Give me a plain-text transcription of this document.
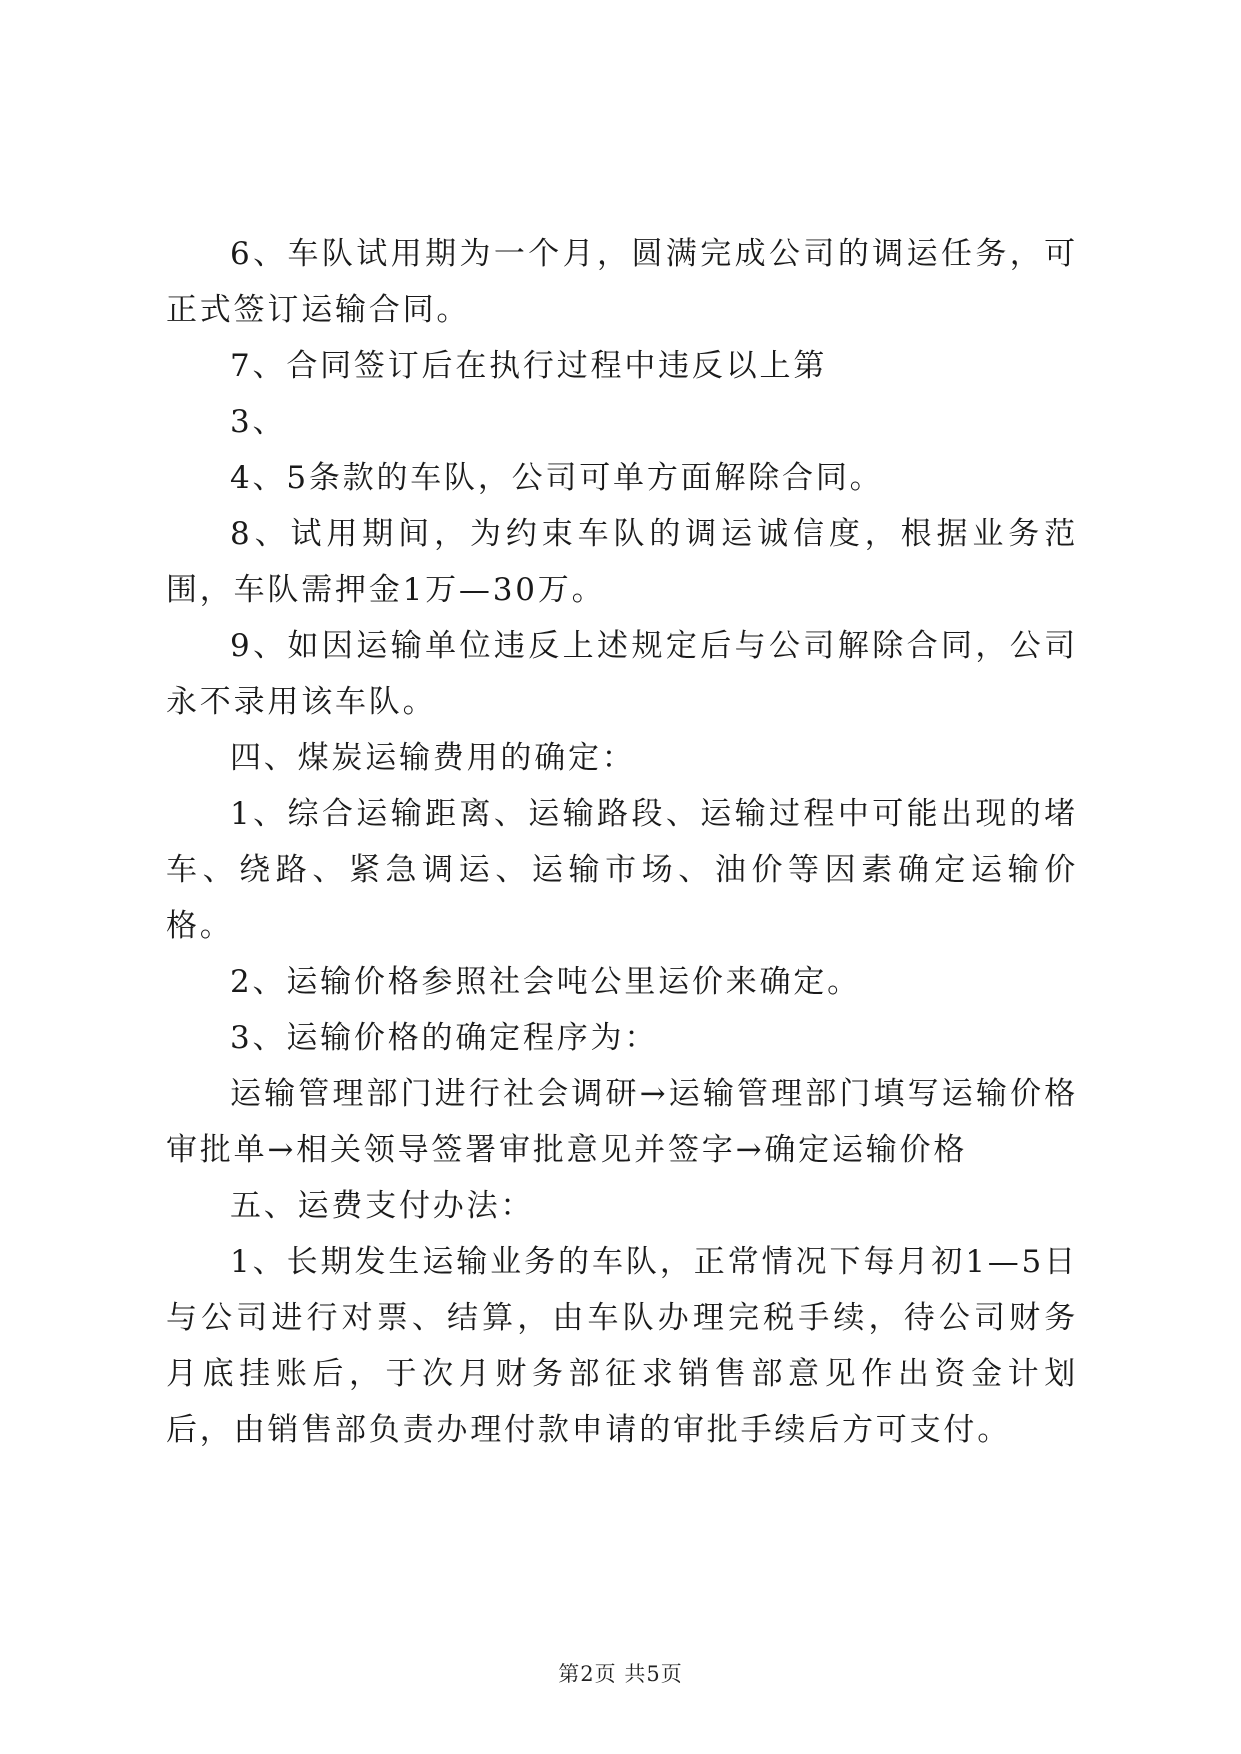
6、车队试用期为一个月，圆满完成公司的调运任务，可正式签订运输合同。

7、合同签订后在执行过程中违反以上第

3、

4、5条款的车队，公司可单方面解除合同。

8、试用期间，为约束车队的调运诚信度，根据业务范围，车队需押金1万—30万。

9、如因运输单位违反上述规定后与公司解除合同，公司永不录用该车队。

四、煤炭运输费用的确定：

1、综合运输距离、运输路段、运输过程中可能出现的堵车、绕路、紧急调运、运输市场、油价等因素确定运输价格。

2、运输价格参照社会吨公里运价来确定。

3、运输价格的确定程序为：

运输管理部门进行社会调研→运输管理部门填写运输价格审批单→相关领导签署审批意见并签字→确定运输价格

五、运费支付办法：

1、长期发生运输业务的车队，正常情况下每月初1—5日与公司进行对票、结算，由车队办理完税手续，待公司财务月底挂账后，于次月财务部征求销售部意见作出资金计划后，由销售部负责办理付款申请的审批手续后方可支付。

第2页 共5页
